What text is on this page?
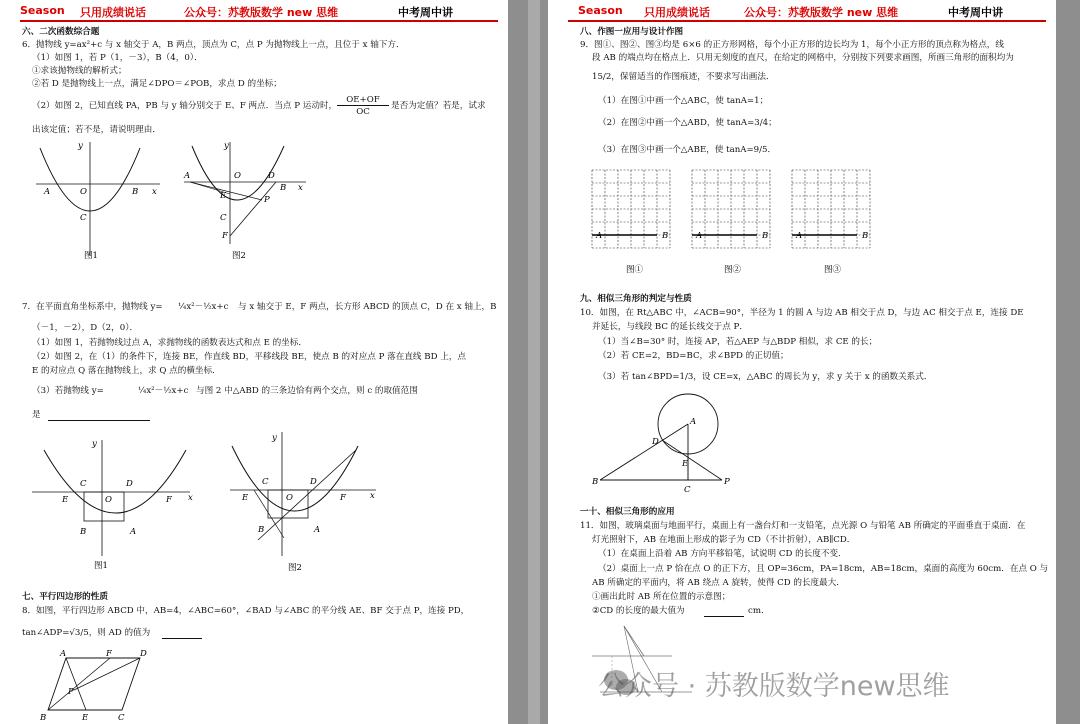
Season 只用成绩说话	公众号：苏教版数学 new 思维	中考周中讲
六、二次函数综合题
6．抛物线 y=ax²+c 与 x 轴交于 A，B 两点，顶点为 C，点 P 为抛物线上一点，且位于 x 轴下方．
（1）如图 1，若 P（1，－3），B（4，0）．
①求该抛物线的解析式；
②若 D 是抛物线上一点，满足∠DPO＝∠POB，求点 D 的坐标；
（2）如图 2，已知直线 PA，PB 与 y 轴分别交于 E、F 两点．当点 P 运动时，
OE+OF
OC
是否为定值？若是，试求
出该定值；若不是，请说明理由．
y
A	O	B x
C
图1
y
A	O	D
B x
E	P
C
F
图2
7．在平面直角坐标系中，抛物线 y= ¼x²－½x+c 与 x 轴交于 E，F 两点，长方形 ABCD 的顶点 C，D 在 x 轴上，B
（－1，－2），D（2，0）．
（1）如图 1，若抛物线过点 A，求抛物线的函数表达式和点 E 的坐标．
（2）如图 2，在（1）的条件下，连接 BE，作直线 BD，平移线段 BE，使点 B 的对应点 P 落在直线 BD 上，点
E 的对应点 Q 落在抛物线上，求 Q 点的横坐标．
（3）若抛物线 y=	¼x²－½x+c 与图 2 中△ABD 的三条边恰有两个交点，则 c 的取值范围
是
y
C	D
E	O	F x
B	A
图1
y
C	D
E	O	F	x
B	A
图2
七、平行四边形的性质
8．如图，平行四边形 ABCD 中，AB=4，∠ABC=60°，∠BAD 与∠ABC 的平分线 AE、BF 交于点 P，连接 PD，
tan∠ADP=√3/5，则 AD 的值为
A	F	D
P
B	E	C
Season 只用成绩说话	公众号：苏教版数学 new 思维	中考周中讲
八、作图一应用与设计作图
9．图①、图②、图③均是 6×6 的正方形网格，每个小正方形的边长均为 1，每个小正方形的顶点称为格点，线
段 AB 的端点均在格点上．只用无刻度的直尺，在给定的网格中，分别按下列要求画图，所画三角形的面积均为
15/2，保留适当的作图痕迹，不要求写出画法．
（1）在图①中画一个△ABC，使 tanA=1；
（2）在图②中画一个△ABD，使 tanA=3/4；
（3）在图③中画一个△ABE，使 tanA=9/5．
图①	图②	图③
A	B	A	B	A	B
九、相似三角形的判定与性质
10．如图，在 Rt△ABC 中，∠ACB=90°，半径为 1 的圆 A 与边 AB 相交于点 D，与边 AC 相交于点 E，连接 DE
并延长，与线段 BC 的延长线交于点 P．
（1）当∠B=30° 时，连接 AP，若△AEP 与△BDP 相似，求 CE 的长；
（2）若 CE=2，BD=BC，求∠BPD 的正切值；
（3）若 tan∠BPD=1/3，设 CE=x，△ABC 的周长为 y，求 y 关于 x 的函数关系式．
A
D
E
B
C
P
一十、相似三角形的应用
11．如图，玻璃桌面与地面平行，桌面上有一盏台灯和一支铅笔，点光源 O 与铅笔 AB 所确定的平面垂直于桌面．在
灯光照射下，AB 在地面上形成的影子为 CD（不计折射），AB∥CD．
（1）在桌面上沿着 AB 方向平移铅笔，试说明 CD 的长度不变．
（2）桌面上一点 P 恰在点 O 的正下方，且 OP=36cm，PA=18cm，AB=18cm，桌面的高度为 60cm．在点 O 与
AB 所确定的平面内，将 AB 绕点 A 旋转，使得 CD 的长度最大．
①画出此时 AB 所在位置的示意图；
②CD 的长度的最大值为	cm．
公众号 · 苏教版数学new思维
